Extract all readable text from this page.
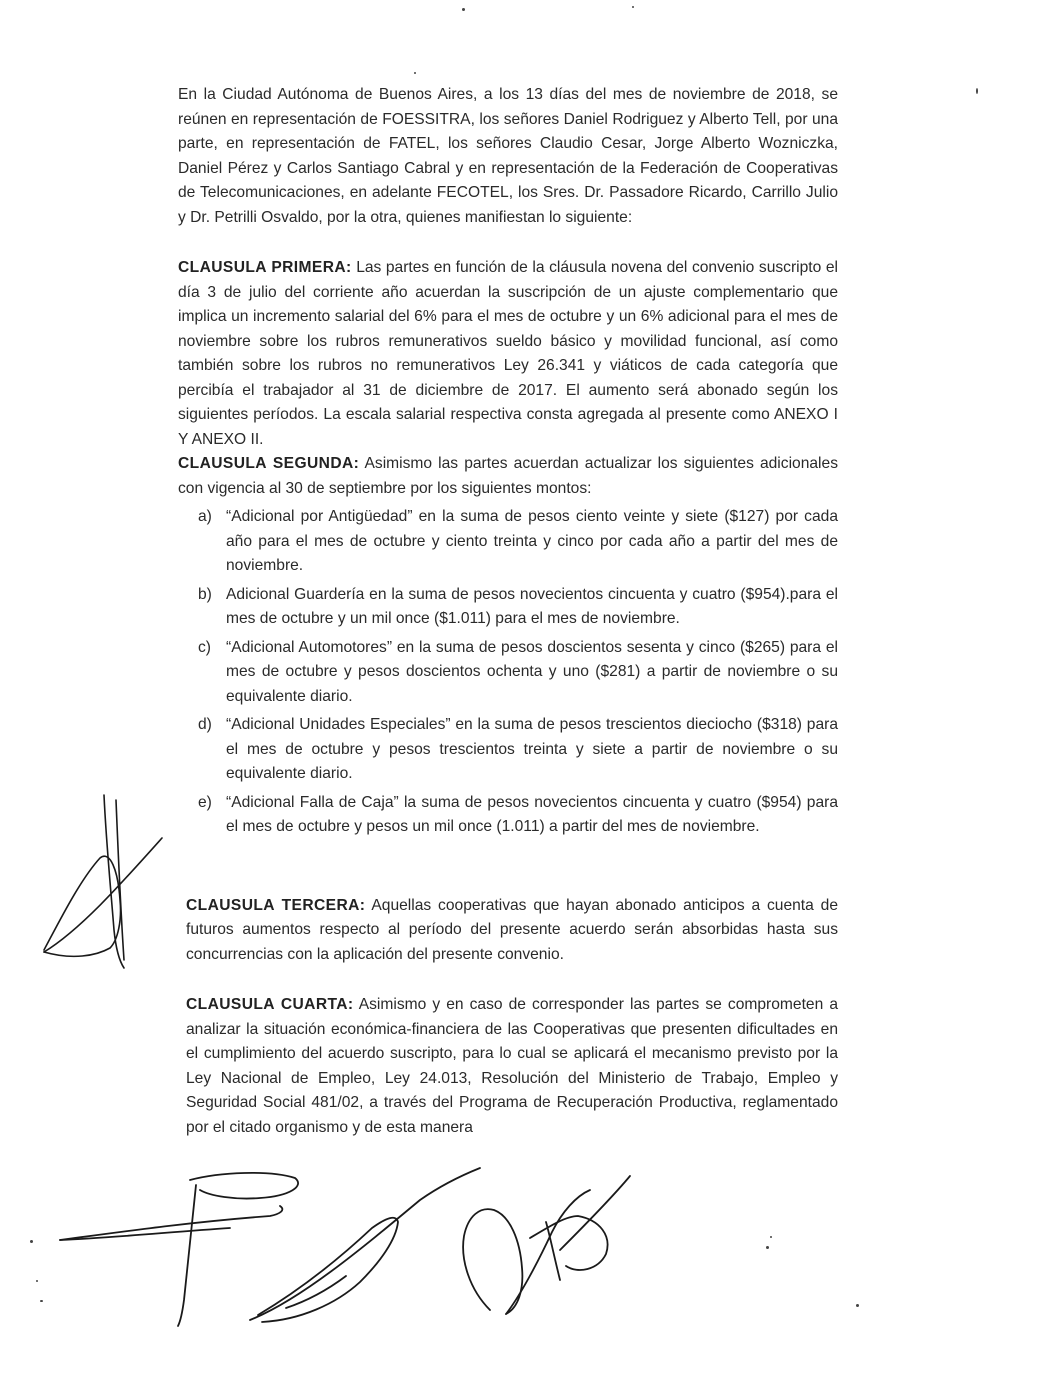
En la Ciudad Autónoma de Buenos Aires, a los 13 días del mes de noviembre de 2018, se reúnen en representación de FOESSITRA, los señores Daniel Rodriguez y Alberto Tell, por una parte, en representación de FATEL, los señores Claudio Cesar, Jorge Alberto Wozniczka, Daniel Pérez y Carlos Santiago Cabral y en representación de la Federación de Cooperativas de Telecomunicaciones, en adelante FECOTEL, los Sres. Dr. Passadore Ricardo, Carrillo Julio y Dr. Petrilli Osvaldo, por la otra, quienes manifiestan lo siguiente:

CLAUSULA PRIMERA: Las partes en función de la cláusula novena del convenio suscripto el día 3 de julio del corriente año acuerdan la suscripción de un ajuste complementario que implica un incremento salarial del 6% para el mes de octubre y un 6% adicional para el mes de noviembre sobre los rubros remunerativos sueldo básico y movilidad funcional, así como también sobre los rubros no remunerativos Ley 26.341 y viáticos de cada categoría que percibía el trabajador al 31 de diciembre de 2017. El aumento será abonado según los siguientes períodos. La escala salarial respectiva consta agregada al presente como ANEXO I Y ANEXO II.

CLAUSULA SEGUNDA: Asimismo las partes acuerdan actualizar los siguientes adicionales con vigencia al 30 de septiembre por los siguientes montos:

a) “Adicional por Antigüedad” en la suma de pesos ciento veinte y siete ($127) por cada año para el mes de octubre y ciento treinta y cinco por cada año a partir del mes de noviembre.
b) Adicional Guardería en la suma de pesos novecientos cincuenta y cuatro ($954).para el mes de octubre y un mil once ($1.011) para el mes de noviembre.
c) “Adicional Automotores” en la suma de pesos doscientos sesenta y cinco ($265) para el mes de octubre y pesos doscientos ochenta y uno ($281) a partir de noviembre o su equivalente diario.
d) “Adicional Unidades Especiales” en la suma de pesos trescientos dieciocho ($318) para el mes de octubre y pesos trescientos treinta y siete a partir de noviembre o su equivalente diario.
e) “Adicional Falla de Caja” la suma de pesos novecientos cincuenta y cuatro ($954) para el mes de octubre y pesos un mil once (1.011) a partir del mes de noviembre.

CLAUSULA TERCERA: Aquellas cooperativas que hayan abonado anticipos a cuenta de futuros aumentos respecto al período del presente acuerdo serán absorbidas hasta sus concurrencias con la aplicación del presente convenio.

CLAUSULA CUARTA: Asimismo y en caso de corresponder las partes se comprometen a analizar la situación económica-financiera de las Cooperativas que presenten dificultades en el cumplimiento del acuerdo suscripto, para lo cual se aplicará el mecanismo previsto por la Ley Nacional de Empleo, Ley 24.013, Resolución del Ministerio de Trabajo, Empleo y Seguridad Social 481/02, a través del Programa de Recuperación Productiva, reglamentado por el citado organismo y de esta manera
